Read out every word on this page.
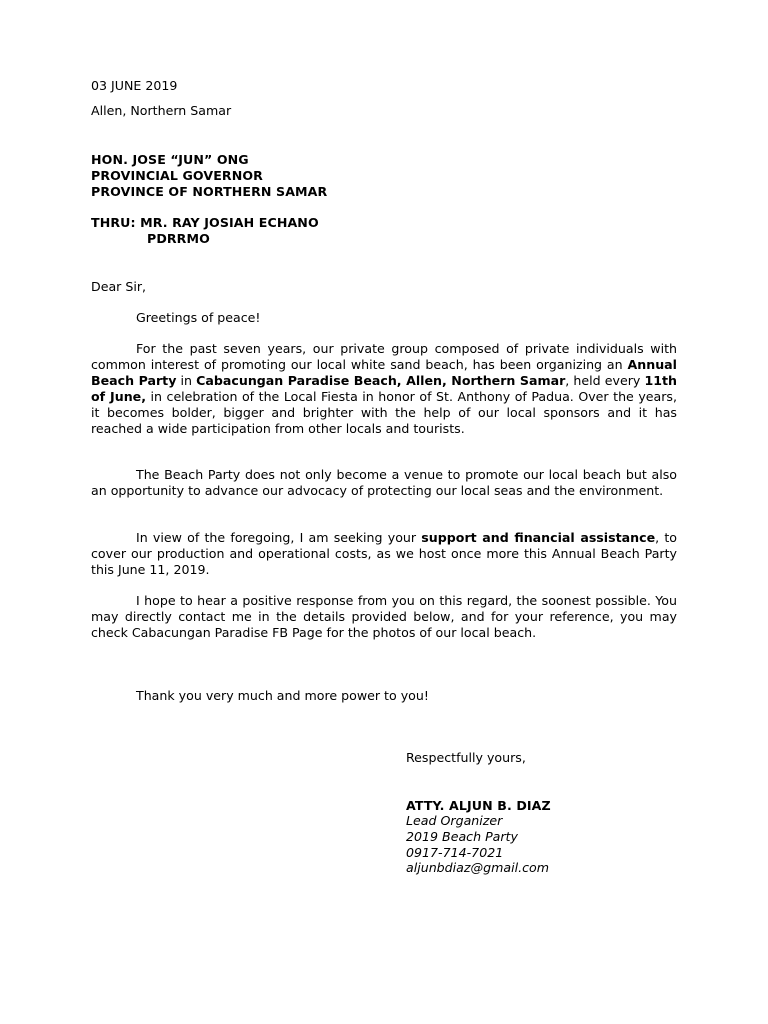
03 JUNE 2019

Allen, Northern Samar

HON. JOSE “JUN” ONG

PROVINCIAL GOVERNOR

PROVINCE OF NORTHERN SAMAR

THRU: MR. RAY JOSIAH ECHANO

PDRRMO

Dear Sir,

Greetings of peace!

For the past seven years, our private group composed of private individuals with common interest of promoting our local white sand beach, has been organizing an Annual Beach Party in Cabacungan Paradise Beach, Allen, Northern Samar, held every 11th of June, in celebration of the Local Fiesta in honor of St. Anthony of Padua. Over the years, it becomes bolder, bigger and brighter with the help of our local sponsors and it has reached a wide participation from other locals and tourists.

The Beach Party does not only become a venue to promote our local beach but also an opportunity to advance our advocacy of protecting our local seas and the environment.

In view of the foregoing, I am seeking your support and financial assistance, to cover our production and operational costs, as we host once more this Annual Beach Party this June 11, 2019.

I hope to hear a positive response from you on this regard, the soonest possible. You may directly contact me in the details provided below, and for your reference, you may check Cabacungan Paradise FB Page for the photos of our local beach.

Thank you very much and more power to you!

Respectfully yours,

ATTY. ALJUN B. DIAZ

Lead Organizer

2019 Beach Party

0917-714-7021

aljunbdiaz@gmail.com
